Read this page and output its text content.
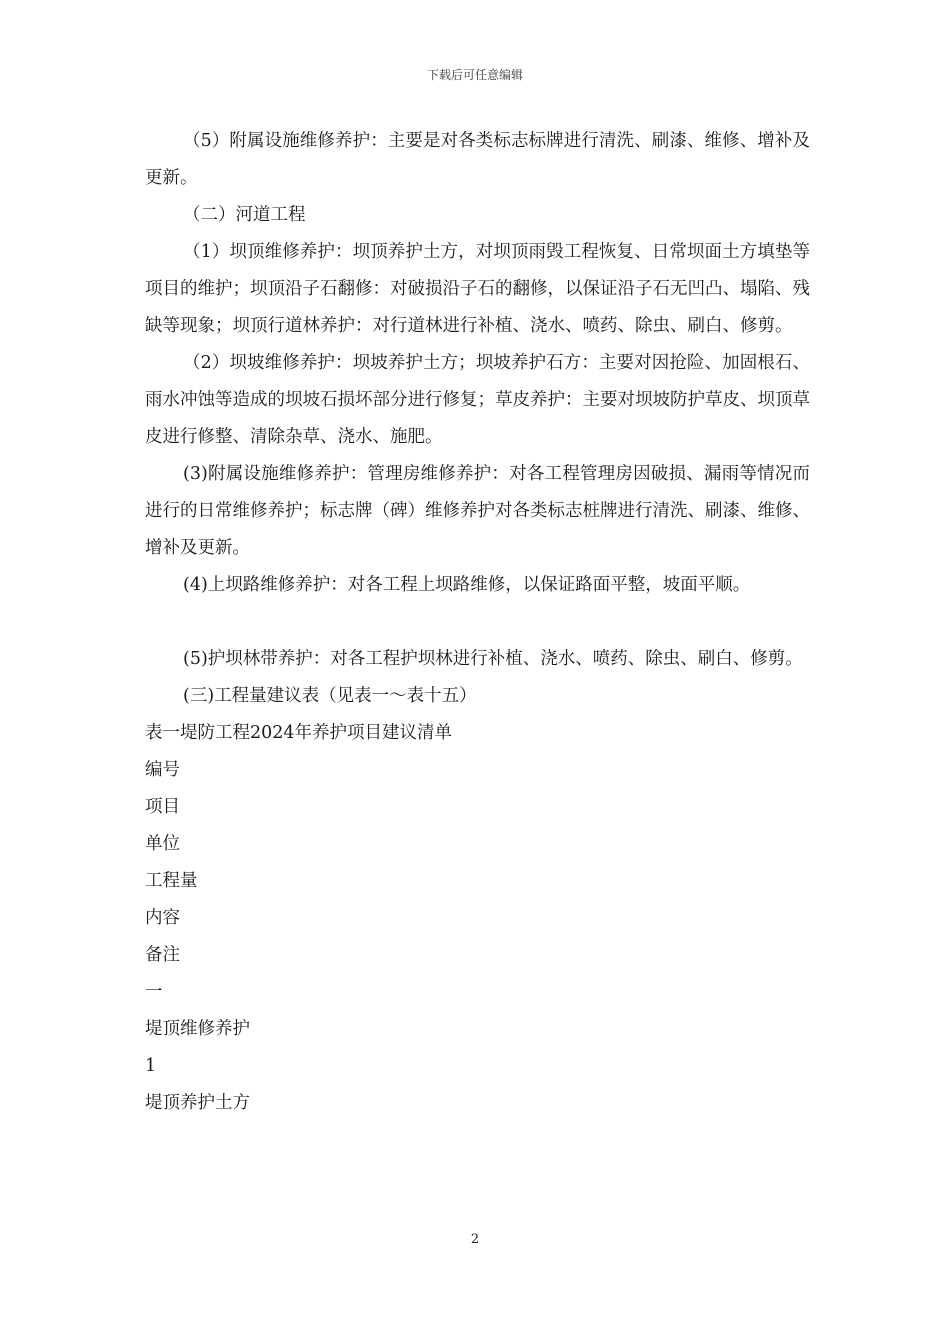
下载后可任意编辑

（5）附属设施维修养护：主要是对各类标志标牌进行清洗、刷漆、维修、增补及更新。

（二）河道工程

（1）坝顶维修养护：坝顶养护土方，对坝顶雨毁工程恢复、日常坝面土方填垫等项目的维护；坝顶沿子石翻修：对破损沿子石的翻修，以保证沿子石无凹凸、塌陷、残缺等现象；坝顶行道林养护：对行道林进行补植、浇水、喷药、除虫、刷白、修剪。

（2）坝坡维修养护：坝坡养护土方；坝坡养护石方：主要对因抢险、加固根石、雨水冲蚀等造成的坝坡石损坏部分进行修复；草皮养护：主要对坝坡防护草皮、坝顶草皮进行修整、清除杂草、浇水、施肥。

(3)附属设施维修养护：管理房维修养护：对各工程管理房因破损、漏雨等情况而进行的日常维修养护；标志牌（碑）维修养护对各类标志桩牌进行清洗、刷漆、维修、增补及更新。

(4)上坝路维修养护：对各工程上坝路维修，以保证路面平整，坡面平顺。

(5)护坝林带养护：对各工程护坝林进行补植、浇水、喷药、除虫、刷白、修剪。

(三)工程量建议表（见表一～表十五）

表一堤防工程2024年养护项目建议清单

编号

项目

单位

工程量

内容

备注

一

堤顶维修养护

1

堤顶养护土方

2
